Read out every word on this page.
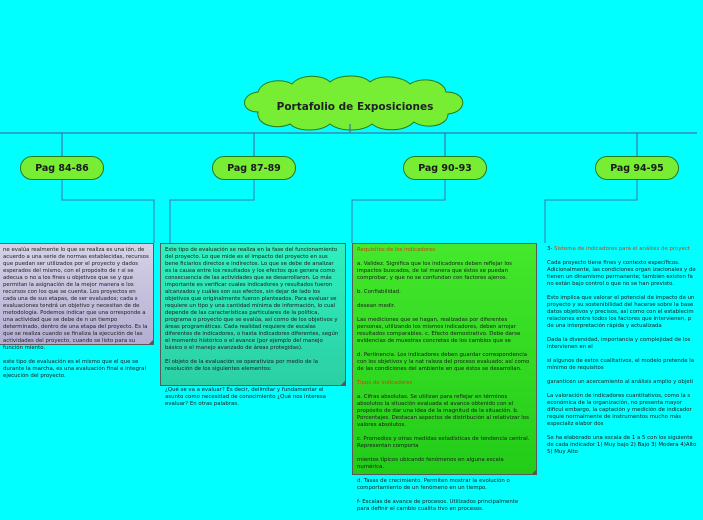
Portafolio de Exposiciones
Pag 84-86	Pag 87-89	Pag 90-93	Pag 94-95

ne evalúa realmente lo que se realiza es una ión, de acuerdo a una serie de normas establecidas, recursos que puedan ser utilizados por el proyecto y dados esperados del mismo, con el propósito de r si se adecua o no a los fines u objetivos que se y que permitan la asignación de la mejor manera e los recursos con los que se cuenta. Los proyectos en cada una de sus etapas, de ser evaluados; cada s evaluaciones tendrá un objetivo y necesitan de de metodología. Podemos indicar que una orresponde a una actividad que se debe de n un tiempo determinado, dentro de una etapa del proyecto. Es la que se realiza cuando se finaliza la ejecución de las actividades del proyecto, cuando se listo para su función miento.

este tipo de evaluación es el mismo que el que se durante la marcha, es una evaluación final e integral ejecución del proyecto.

Este tipo de evaluación se realiza en la fase del funcionamiento del proyecto. Lo que mide es el impacto del proyecto en sus bene ficiarios directos e indirectos. Lo que se debe de analizar es la causa entre los resultados y los efectos que genera como consecuencia de las actividades que se desarrollaron. Lo más importante es verificar cuales indicadores y resultados fueron alcanzados y cuáles son sus efectos, sin dejar de lado los objetivos que originalmente fueron planteados. Para evaluar se requiere un tipo y una cantidad mínima de información, lo cual depende de las características particulares de la política, programa o proyecto que se evalúa, así como de los objetivos y áreas programáticas. Cada realidad requiere de escalas diferentes de indicadores, o hasta indicadores diferentes, según el momento histórico o el avance (por ejemplo del manejo básico o el manejo avanzado de áreas protegidas).

El objeto de la evaluación se operativiza por medio de la resolución de los siguientes elementos:

¿Qué se va a evaluar? Es decir, delimitar y fundamentar el asunto como necesidad de conocimiento ¿Qué nos interesa evaluar? En otras palabras.

Requisitos de los indicadores

a. Validez. Significa que los indicadores deben reflejar los impactos buscados, de tal manera que éstos se puedan comprobar, y que no se confundan con factores ajenos.

b. Confiabilidad.

desean medir.

Las mediciones que se hagan, realizadas por diferentes personas, utilizando los mismos indicadores, deben arrojar resultados comparables. c. Efecto demostrativo. Debe darse evidencias de muestras concretas de los cambios que se

d. Pertinencia. Los indicadores deben guardar correspondencia con los objetivos y la nat raleza del proceso evaluado; así como de las condiciones del ambiente en que éstos se desarrollan.

Tipos de indicadores

a. Cifras absolutas. Se utilizan para reflejar en términos absolutos la situación evaluada el avance obtenido con el propósito de dar una idea de la magnitud de la situación. b. Porcentajes. Destacan aspectos de distribución al relativizar los valores absolutos.

c. Promedios y otras medidas estadísticas de tendencia central. Representan comporta

mientos típicos ubicando fenómenos en alguna escala numérica.

d. Tasas de crecimiento. Permiten mostrar la evolución o comportamiento de un fenómeno en un tiempo.

f- Escalas de avance de procesos. Utilizados principalmente para definir el cambio cualita tivo en procesos.

3- Sistema de indicadores para el análisis de proyect

Cada proyecto tiene fines y contexto específicos. Adicionalmente, las condiciones organ izacionales y de tienen un dinamismo permanente; también existen fa no están bajo control o que no se han previsto.

Esto implica que valorar el potencial de impacto de un proyecto y su sostenibilidad del hacerse sobre la base datos objetivos y precisos, así como con el establecim relaciones entre todos los factores que intervienen, p de una interpretación rápida y actualizada

Dada la diversidad, importancia y complejidad de los intervienen en el

si algunos de estos cualitativos, el modelo pretende la mínimo de requisitos

garanticen un acercamiento al análisis amplio y objeti

La valoración de indicadores cuantitativos, como la s económica de la organización, no presenta mayor dificul embargo, la captación y medición de indicador requie normalmente de instrumentos mucho más especializ elabor dos

Se ha elaborado una escala de 1 a 5 con los siguiente de cada indicador 1) Muy bajo 2) Bajo 3) Modera 4)Alto 5) Muy Alto
